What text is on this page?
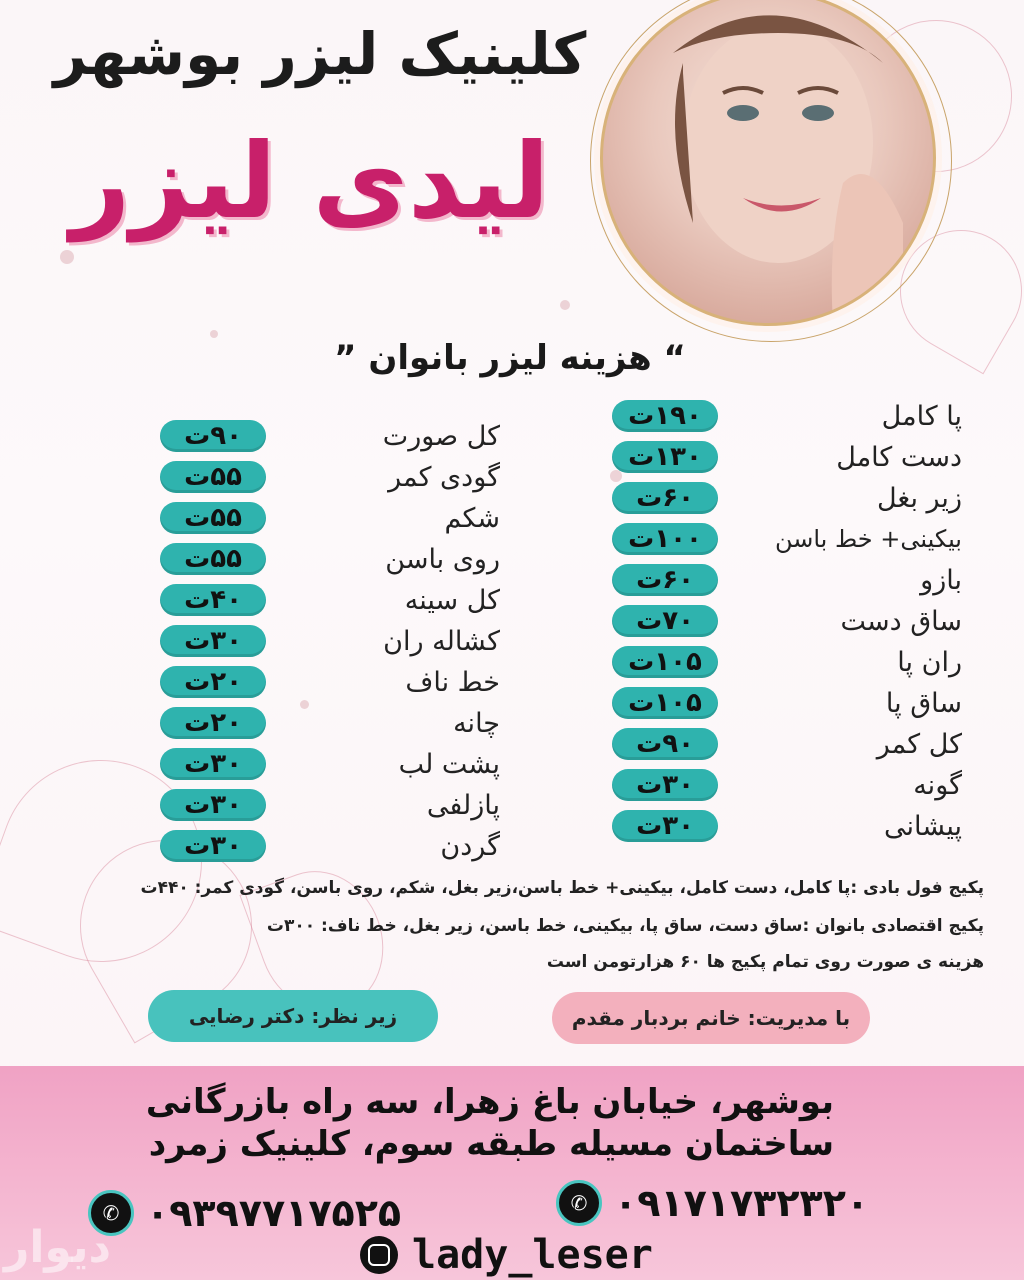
کلینیک لیزر بوشهر
لیدی لیزر
“ هزینه لیزر بانوان ”
۱۹۰ت	پا کامل
۱۳۰ت	دست کامل
۶۰ت	زیر بغل
۱۰۰ت	بیکینی+ خط باسن
۶۰ت	بازو
۷۰ت	ساق دست
۱۰۵ت	ران پا
۱۰۵ت	ساق پا
۹۰ت	کل کمر
۳۰ت	گونه
۳۰ت	پیشانی
۹۰ت	کل صورت
۵۵ت	گودی کمر
۵۵ت	شکم
۵۵ت	روی باسن
۴۰ت	کل سینه
۳۰ت	کشاله ران
۲۰ت	خط ناف
۲۰ت	چانه
۳۰ت	پشت لب
۳۰ت	پازلفی
۳۰ت	گردن
پکیج فول بادی :پا کامل، دست کامل، بیکینی+ خط باسن،زیر بغل، شکم، روی باسن، گودی کمر: ۴۴۰ت
پکیج اقتصادی بانوان :ساق دست، ساق پا، بیکینی، خط باسن، زیر بغل، خط ناف: ۳۰۰ت
هزینه ی صورت روی تمام پکیج ها ۶۰ هزارتومن است
با مدیریت: خانم بردبار مقدم
زیر نظر: دکتر رضایی
بوشهر، خیابان باغ زهرا، سه راه بازرگانی
ساختمان مسیله طبقه سوم، کلینیک زمرد
✆ ۰۹۱۷۱۷۳۲۳۲۰
✆ ۰۹۳۹۷۷۱۷۵۲۵
lady_leser
دیوار
